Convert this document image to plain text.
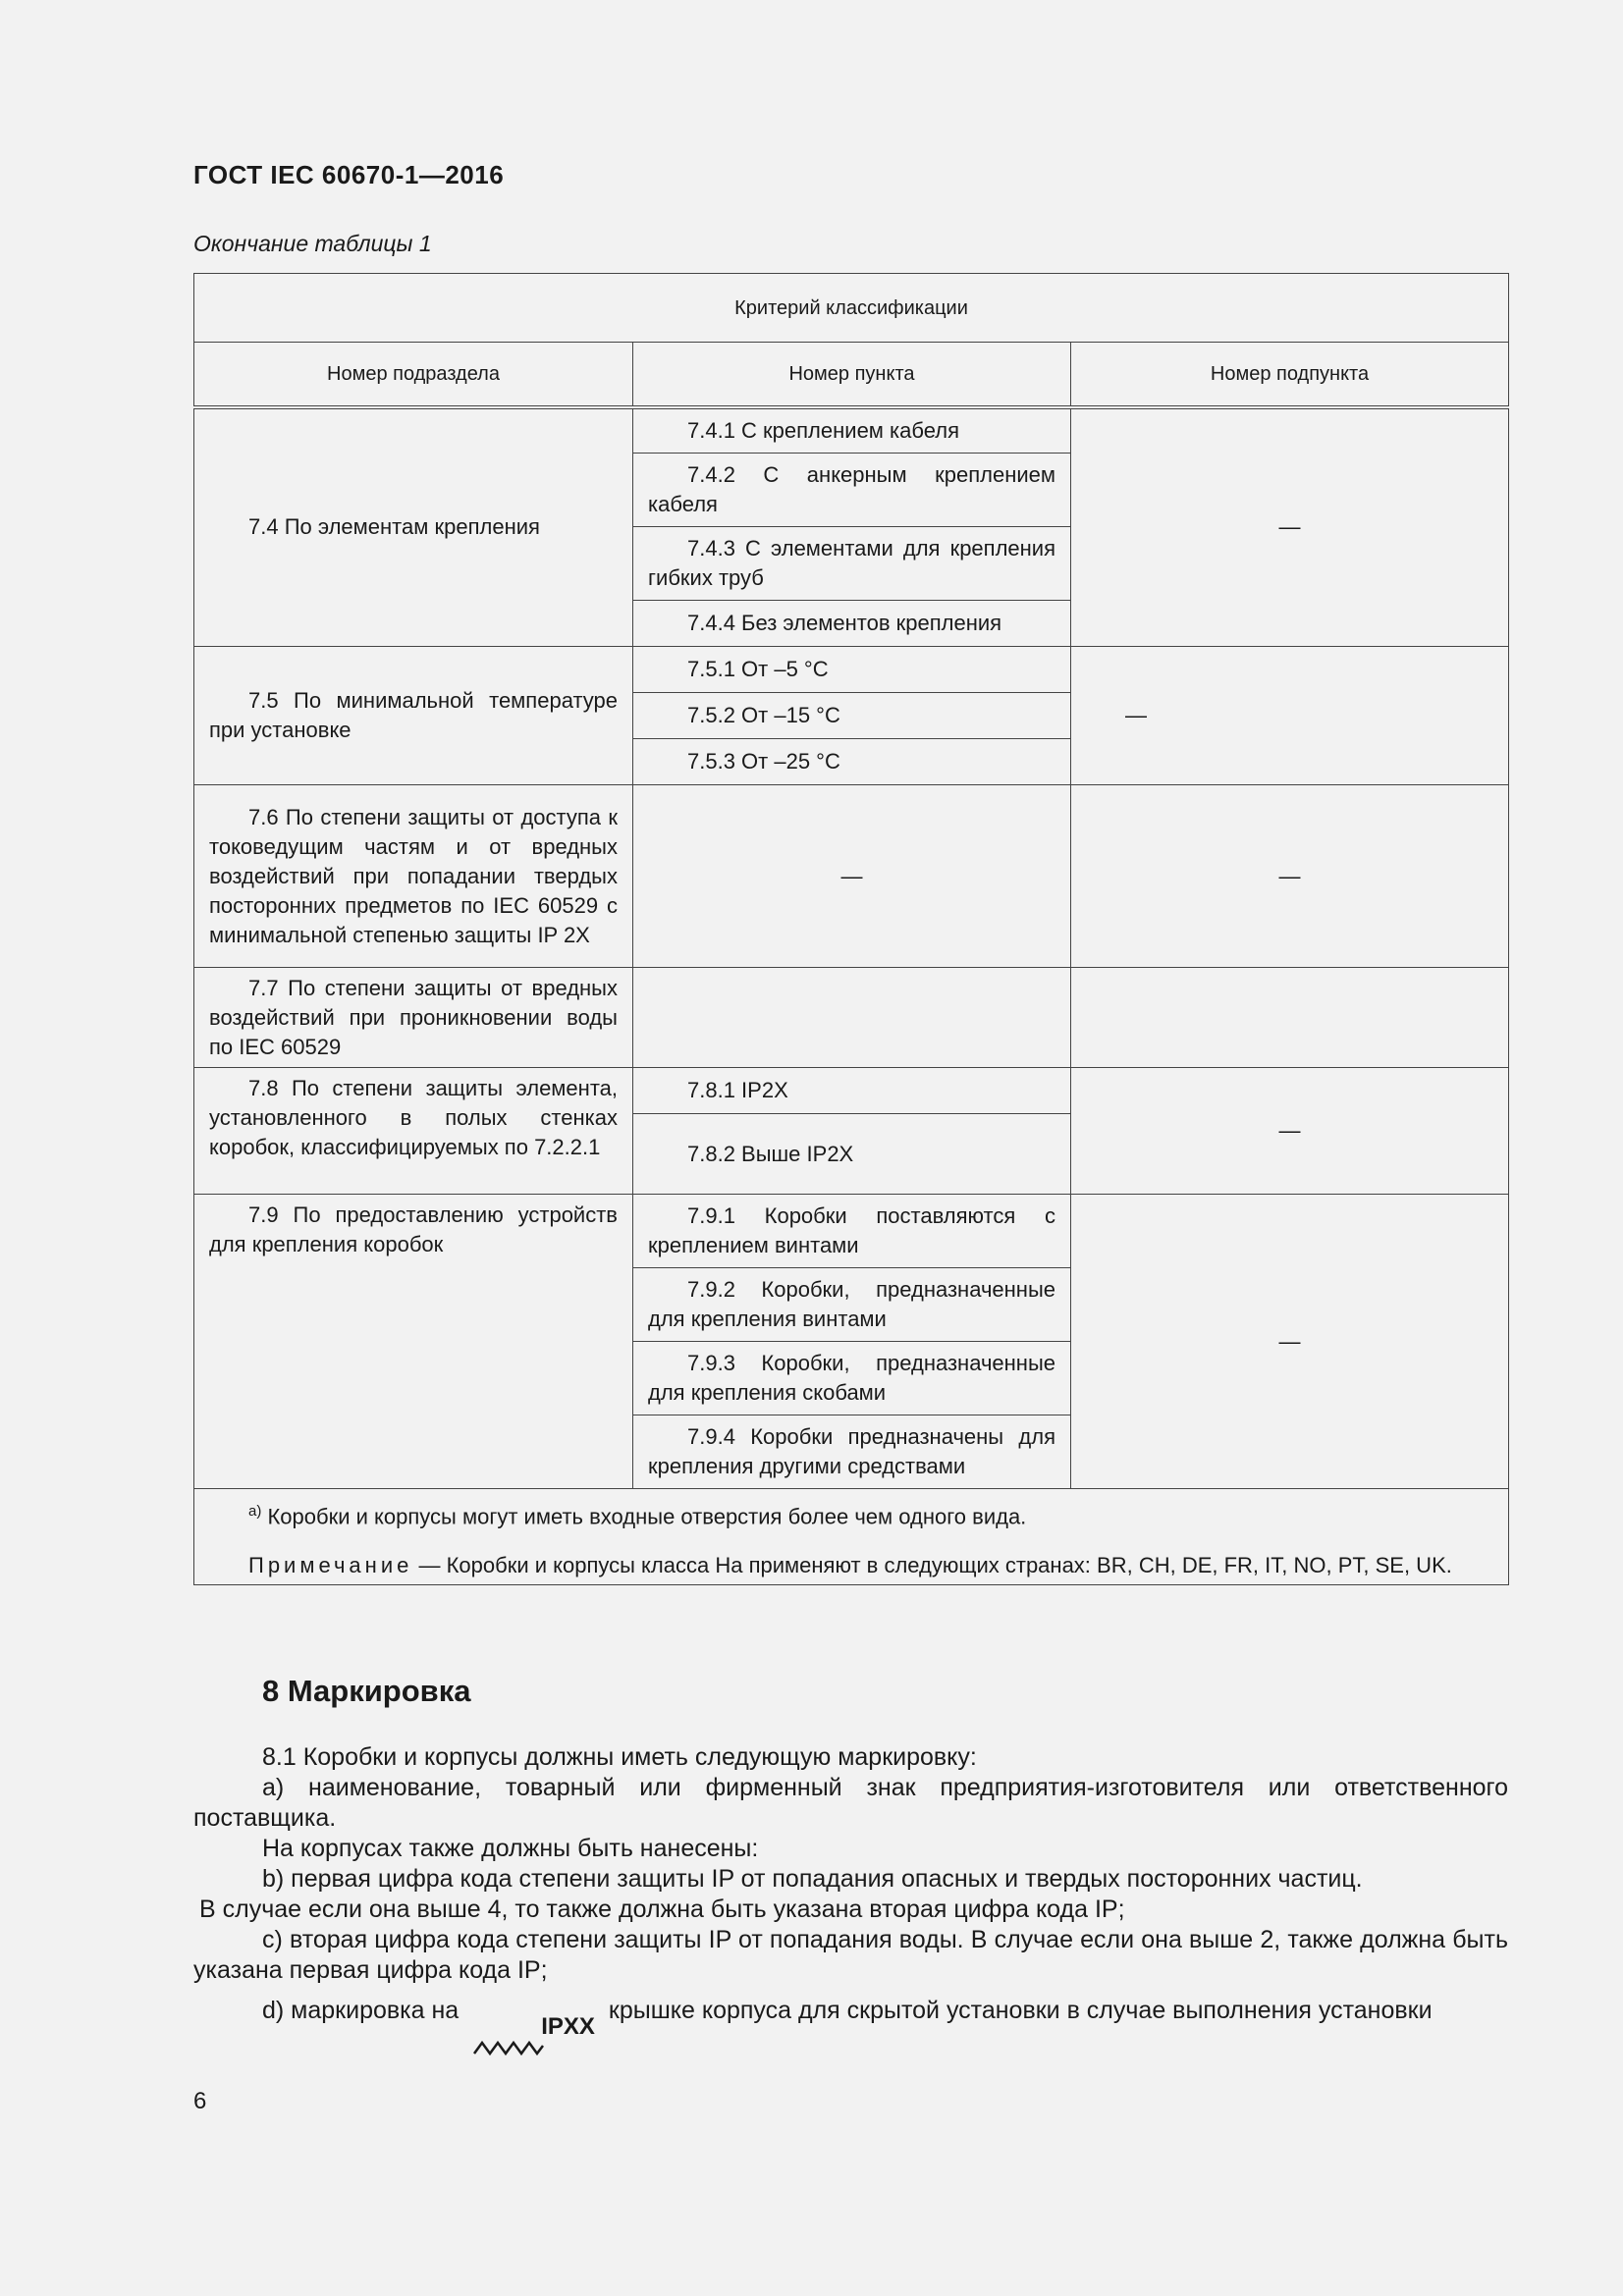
ГОСТ IEC 60670-1—2016
Окончание таблицы 1
Критерий классификации		
Номер подраздела	Номер пункта	Номер подпункта
7.4 По элементам крепления	7.4.1 С креплением кабеля	—
	7.4.2 С анкерным креплением кабеля	
	7.4.3 С элементами для крепления гибких труб	
	7.4.4 Без элементов крепления	
7.5 По минимальной температуре при установке	7.5.1 От –5 °С	—
	7.5.2 От –15 °С	
	7.5.3 От –25 °С	
7.6 По степени защиты от доступа к токоведущим частям и от вредных воздействий при попадании твердых посторонних предметов по IEC 60529 с минимальной степенью защиты IP 2X	—	—
7.7 По степени защиты от вредных воздействий при проникновении воды по IEC 60529		
7.8 По степени защиты элемента, установленного в полых стенках коробок, классифицируемых по 7.2.2.1	7.8.1 IP2X	—
	7.8.2 Выше IP2X	
7.9 По предоставлению устройств для крепления коробок	7.9.1 Коробки поставляются с креплением винтами	—
	7.9.2 Коробки, предназначенные для крепления винтами	
	7.9.3 Коробки, предназначенные для крепления скобами	
	7.9.4 Коробки предназначены для крепления другими средствами	

$^{а)}$ Коробки и корпусы могут иметь входные отверстия более чем одного вида.
Примечание — Коробки и корпусы класса На применяют в следующих странах: BR, CH, DE, FR, IT, NO, PT, SE, UK.		
8 Маркировка

8.1 Коробки и корпусы должны иметь следующую маркировку:

a) наименование, товарный или фирменный знак предприятия-изготовителя или ответственного поставщика.

На корпусах также должны быть нанесены:

b) первая цифра кода степени защиты IP от попадания опасных и твердых посторонних частиц.

В случае если она выше 4, то также должна быть указана вторая цифра кода IP;

c) вторая цифра кода степени защиты IP от попадания воды. В случае если она выше 2, также должна быть указана первая цифра кода IP;

d) маркировка наIPXX
крышке корпуса для скрытой установки в случае выполнения установки

6
